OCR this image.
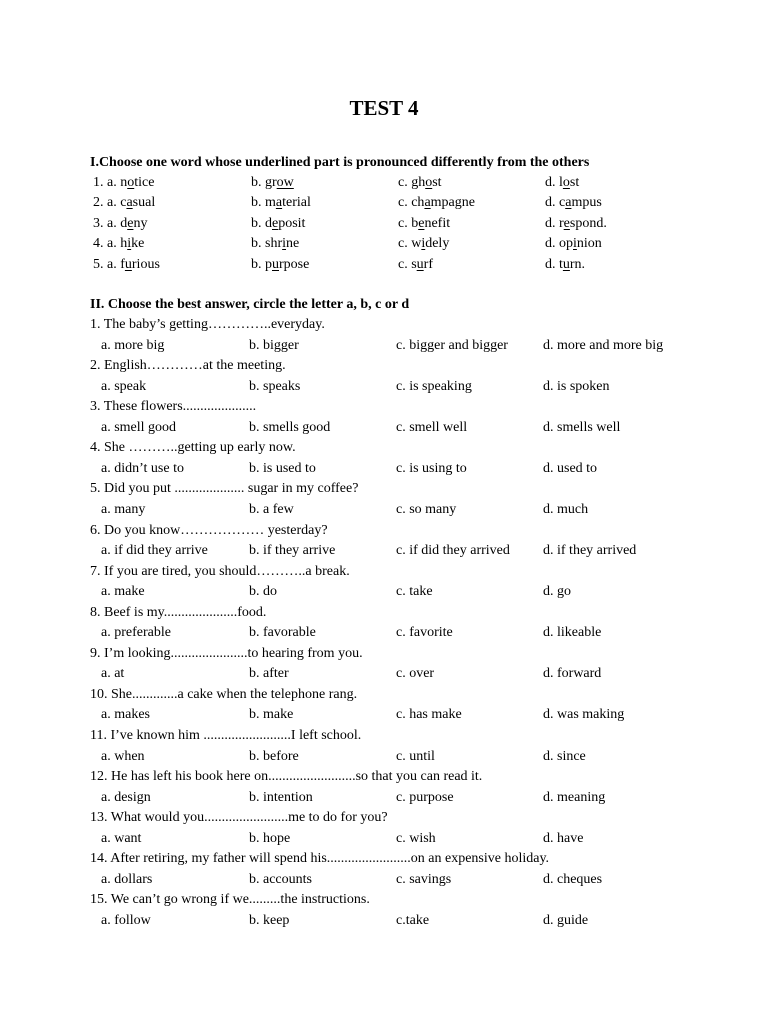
TEST 4
I.Choose one word whose underlined part is pronounced differently from the others
1. a. notice	b. grow	c. ghost	d. lost
2. a. casual	b. material	c. champagne	d. campus
3. a. deny	b. deposit	c. benefit	d. respond.
4. a. hike	b. shrine	c. widely	d. opinion
5. a. furious	b. purpose	c. surf	d. turn.
II. Choose the best answer, circle the letter a, b, c or d
1. The baby’s getting…………..everyday.
a. more big	b. bigger	c. bigger and bigger	d. more and more big
2. English…………at the meeting.
a. speak	b. speaks	c. is speaking	d. is spoken
3. These flowers.....................
a. smell good	b. smells good	c. smell well	d. smells well
4. She ………..getting up early now.
a. didn’t use to	b. is used to	c. is using to	d. used to
5. Did you put .................... sugar in my coffee?
a. many	b. a few	c. so many	d. much
6. Do you know……………… yesterday?
a. if did they arrive	b. if they arrive	c. if did they arrived d. if they arrived
7. If you are tired, you should………..a break.
a. make	b. do	c. take	d. go
8. Beef is my.....................food.
a. preferable	b. favorable	c. favorite	d. likeable
9. I’m looking......................to hearing from you.
a. at	b. after	c. over	d. forward
10. She.............a cake when the telephone rang.
a. makes	b. make	c. has make	d. was making
11. I’ve known him .........................I left school.
a. when	b. before	c. until	d. since
12. He has left his book here on.........................so that you can read it.
a. design	b. intention	c. purpose	d. meaning
13. What would you........................me to do for you?
a. want	b. hope	c. wish	d. have
14. After retiring, my father will spend his........................on an expensive holiday.
a. dollars	b. accounts	c. savings	d. cheques
15. We can’t go wrong if we.........the instructions.
a. follow	b. keep	c.take	d. guide
